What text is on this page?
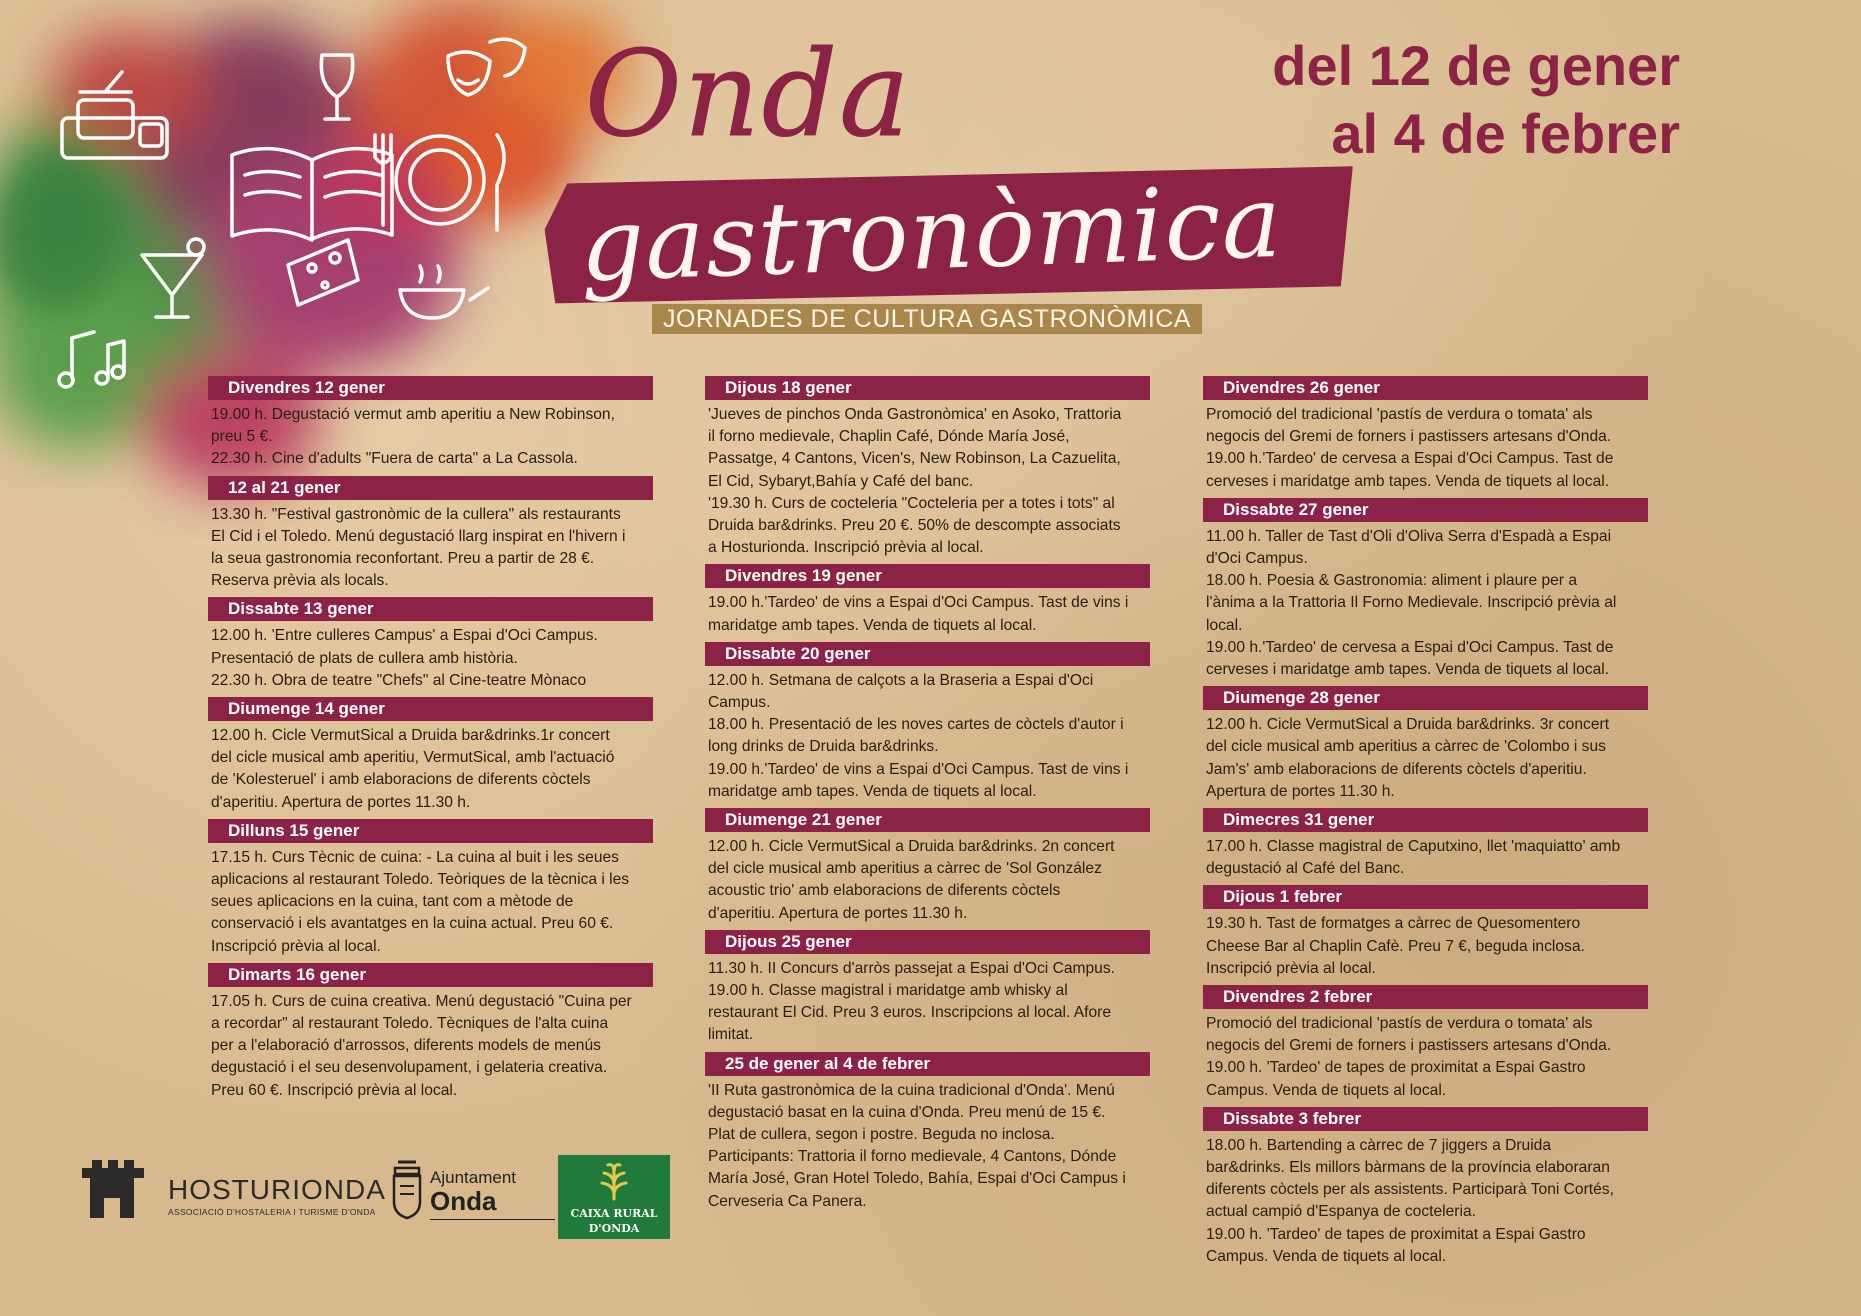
Onda
gastronòmica
JORNADES DE CULTURA GASTRONÒMICA
del 12 de gener
al 4 de febrer
Divendres 12 gener
19.00 h. Degustació vermut amb aperitiu a New Robinson,
preu 5 €.
22.30 h. Cine d'adults "Fuera de carta" a La Cassola.
12 al 21 gener
13.30 h. "Festival gastronòmic de la cullera" als restaurants
El Cid i el Toledo. Menú degustació llarg inspirat en l'hivern i
la seua gastronomia reconfortant. Preu a partir de 28 €.
Reserva prèvia als locals.
Dissabte 13 gener
12.00 h. 'Entre culleres Campus' a Espai d'Oci Campus.
Presentació de plats de cullera amb història.
22.30 h. Obra de teatre "Chefs" al Cine-teatre Mònaco
Diumenge 14 gener
12.00 h. Cicle VermutSical a Druida bar&drinks.1r concert
del cicle musical amb aperitiu, VermutSical, amb l'actuació
de 'Kolesteruel' i amb elaboracions de diferents còctels
d'aperitiu. Apertura de portes 11.30 h.
Dilluns 15 gener
17.15 h. Curs Tècnic de cuina: - La cuina al buit i les seues
aplicacions al restaurant Toledo. Teòriques de la tècnica i les
seues aplicacions en la cuina, tant com a mètode de
conservació i els avantatges en la cuina actual. Preu 60 €.
Inscripció prèvia al local.
Dimarts 16 gener
17.05 h. Curs de cuina creativa. Menú degustació "Cuina per
a recordar" al restaurant Toledo. Tècniques de l'alta cuina
per a l'elaboració d'arrossos, diferents models de menús
degustació i el seu desenvolupament, i gelateria creativa.
Preu 60 €. Inscripció prèvia al local.
Dijous 18 gener
'Jueves de pinchos Onda Gastronòmica' en Asoko, Trattoria
il forno medievale, Chaplin Café, Dónde María José,
Passatge, 4 Cantons, Vicen's, New Robinson, La Cazuelita,
El Cid, Sybaryt,Bahía y Café del banc.
'19.30 h. Curs de cocteleria "Cocteleria per a totes i tots" al
Druida bar&drinks. Preu 20 €. 50% de descompte associats
a Hosturionda. Inscripció prèvia al local.
Divendres 19 gener
19.00 h.'Tardeo' de vins a Espai d'Oci Campus. Tast de vins i
maridatge amb tapes. Venda de tiquets al local.
Dissabte 20 gener
12.00 h. Setmana de calçots a la Braseria a Espai d'Oci
Campus.
18.00 h. Presentació de les noves cartes de còctels d'autor i
long drinks de Druida bar&drinks.
19.00 h.'Tardeo' de vins a Espai d'Oci Campus. Tast de vins i
maridatge amb tapes. Venda de tiquets al local.
Diumenge 21 gener
12.00 h. Cicle VermutSical a Druida bar&drinks. 2n concert
del cicle musical amb aperitius a càrrec de 'Sol González
acoustic trio' amb elaboracions de diferents còctels
d'aperitiu. Apertura de portes 11.30 h.
Dijous 25 gener
11.30 h. II Concurs d'arròs passejat a Espai d'Oci Campus.
19.00 h. Classe magistral i maridatge amb whisky al
restaurant El Cid. Preu 3 euros. Inscripcions al local. Afore
limitat.
25 de gener al 4 de febrer
'II Ruta gastronòmica de la cuina tradicional d'Onda'. Menú
degustació basat en la cuina d'Onda. Preu menú de 15 €.
Plat de cullera, segon i postre. Beguda no inclosa.
Participants: Trattoria il forno medievale, 4 Cantons, Dónde
María José, Gran Hotel Toledo, Bahía, Espai d'Oci Campus i
Cerveseria Ca Panera.
Divendres 26 gener
Promoció del tradicional 'pastís de verdura o tomata' als
negocis del Gremi de forners i pastissers artesans d'Onda.
19.00 h.'Tardeo' de cervesa a Espai d'Oci Campus. Tast de
cerveses i maridatge amb tapes. Venda de tiquets al local.
Dissabte 27 gener
11.00 h. Taller de Tast d'Oli d'Oliva Serra d'Espadà a Espai
d'Oci Campus.
18.00 h. Poesia & Gastronomia: aliment i plaure per a
l'ànima a la Trattoria Il Forno Medievale. Inscripció prèvia al
local.
19.00 h.'Tardeo' de cervesa a Espai d'Oci Campus. Tast de
cerveses i maridatge amb tapes. Venda de tiquets al local.
Diumenge 28 gener
12.00 h. Cicle VermutSical a Druida bar&drinks. 3r concert
del cicle musical amb aperitius a càrrec de 'Colombo i sus
Jam's' amb elaboracions de diferents còctels d'aperitiu.
Apertura de portes 11.30 h.
Dimecres 31 gener
17.00 h. Classe magistral de Caputxino, llet 'maquiatto' amb
degustació al Café del Banc.
Dijous 1 febrer
19.30 h. Tast de formatges a càrrec de Quesomentero
Cheese Bar al Chaplin Cafè. Preu 7 €, beguda inclosa.
Inscripció prèvia al local.
Divendres 2 febrer
Promoció del tradicional 'pastís de verdura o tomata' als
negocis del Gremi de forners i pastissers artesans d'Onda.
19.00 h. 'Tardeo' de tapes de proximitat a Espai Gastro
Campus. Venda de tiquets al local.
Dissabte 3 febrer
18.00 h. Bartending a càrrec de 7 jiggers a Druida
bar&drinks. Els millors bàrmans de la província elaboraran
diferents còctels per als assistents. Participarà Toni Cortés,
actual campió d'Espanya de cocteleria.
19.00 h. 'Tardeo' de tapes de proximitat a Espai Gastro
Campus. Venda de tiquets al local.
HOSTURIONDA
ASSOCIACIÓ D'HOSTALERIA I TURISME D'ONDA
Ajuntament
Onda	CAIXA RURAL
D'ONDA
